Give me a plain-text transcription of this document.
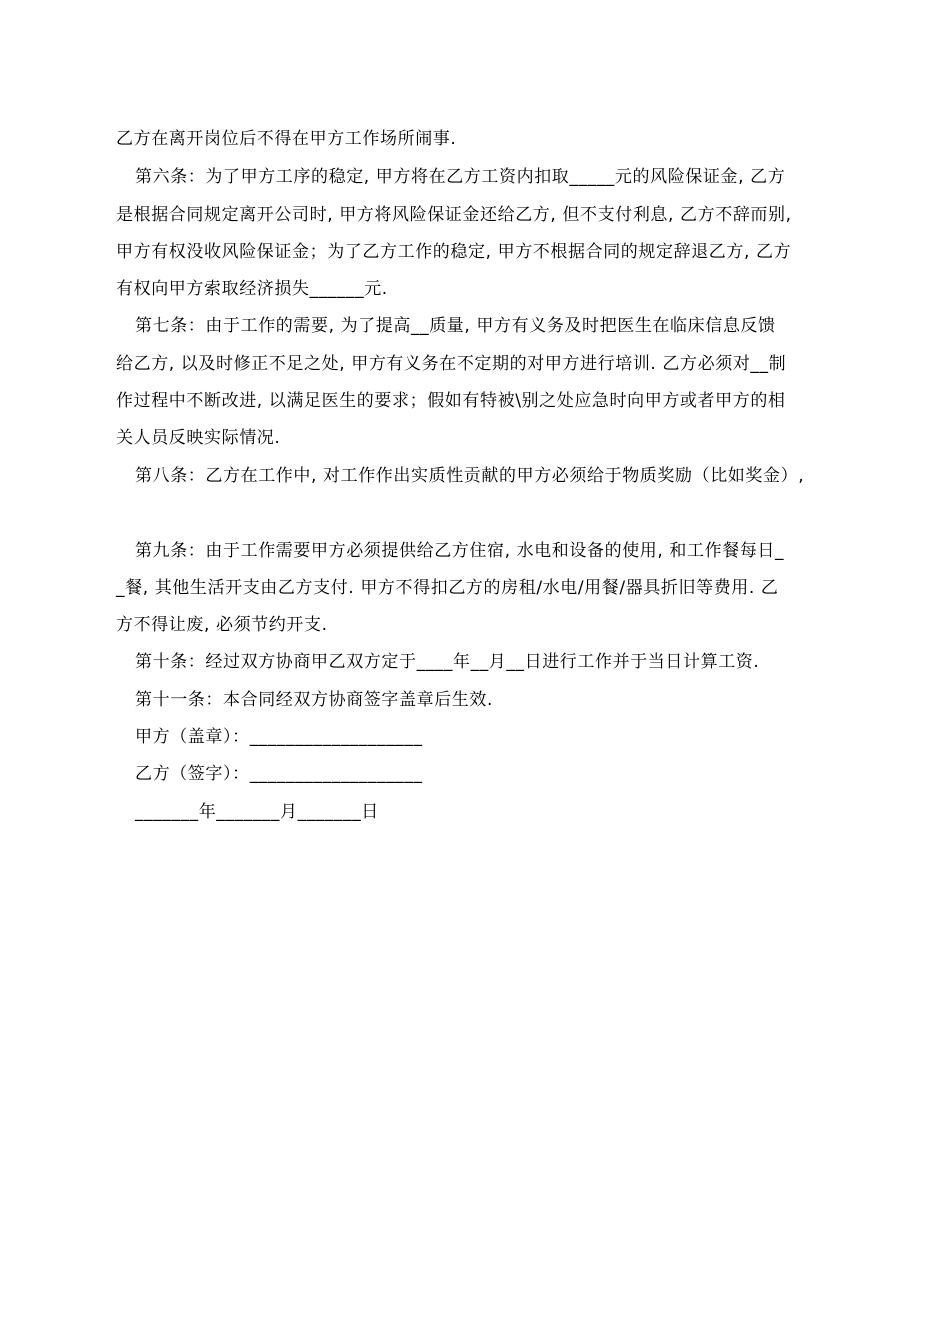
乙方在离开岗位后不得在甲方工作场所闹事.
第六条：为了甲方工序的稳定, 甲方将在乙方工资内扣取_____元的风险保证金, 乙方
是根据合同规定离开公司时, 甲方将风险保证金还给乙方, 但不支付利息, 乙方不辞而别,
甲方有权没收风险保证金；为了乙方工作的稳定, 甲方不根据合同的规定辞退乙方, 乙方
有权向甲方索取经济损失______元.
第七条：由于工作的需要, 为了提高__质量, 甲方有义务及时把医生在临床信息反馈
给乙方, 以及时修正不足之处, 甲方有义务在不定期的对甲方进行培训. 乙方必须对__制
作过程中不断改进, 以满足医生的要求；假如有特被\别之处应急时向甲方或者甲方的相
关人员反映实际情况.
第八条：乙方在工作中, 对工作作出实质性贡献的甲方必须给于物质奖励（比如奖金）,
第九条：由于工作需要甲方必须提供给乙方住宿, 水电和设备的使用, 和工作餐每日_
_餐, 其他生活开支由乙方支付. 甲方不得扣乙方的房租/水电/用餐/器具折旧等费用. 乙
方不得让废, 必须节约开支.
第十条：经过双方协商甲乙双方定于____年__月__日进行工作并于当日计算工资.
第十一条：本合同经双方协商签字盖章后生效.
甲方（盖章）：___________________
乙方（签字）：___________________
_______年_______月_______日
